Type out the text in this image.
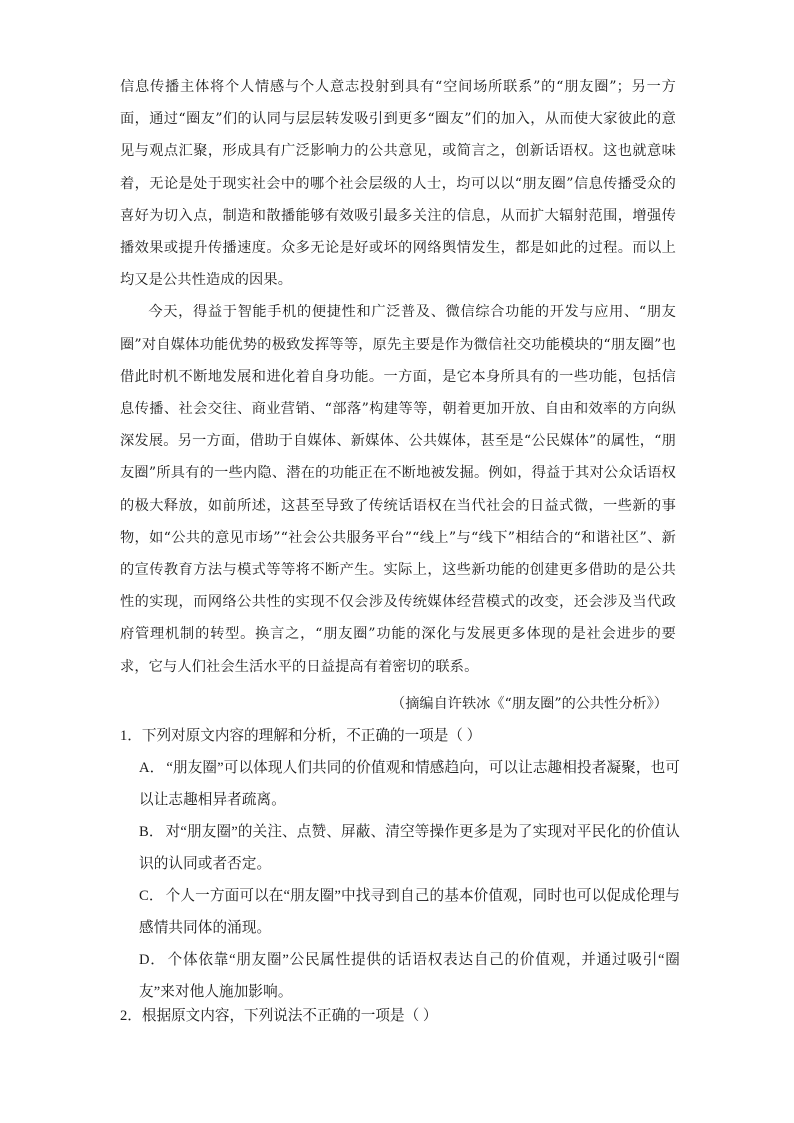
信息传播主体将个人情感与个人意志投射到具有“空间场所联系”的“朋友圈”；另一方面，通过“圈友”们的认同与层层转发吸引到更多“圈友”们的加入，从而使大家彼此的意见与观点汇聚，形成具有广泛影响力的公共意见，或简言之，创新话语权。这也就意味着，无论是处于现实社会中的哪个社会层级的人士，均可以以“朋友圈”信息传播受众的喜好为切入点，制造和散播能够有效吸引最多关注的信息，从而扩大辐射范围，增强传播效果或提升传播速度。众多无论是好或坏的网络舆情发生，都是如此的过程。而以上均又是公共性造成的因果。

今天，得益于智能手机的便捷性和广泛普及、微信综合功能的开发与应用、“朋友圈”对自媒体功能优势的极致发挥等等，原先主要是作为微信社交功能模块的“朋友圈”也借此时机不断地发展和进化着自身功能。一方面，是它本身所具有的一些功能，包括信息传播、社会交往、商业营销、“部落”构建等等，朝着更加开放、自由和效率的方向纵深发展。另一方面，借助于自媒体、新媒体、公共媒体，甚至是“公民媒体”的属性，“朋友圈”所具有的一些内隐、潜在的功能正在不断地被发掘。例如，得益于其对公众话语权的极大释放，如前所述，这甚至导致了传统话语权在当代社会的日益式微，一些新的事物，如“公共的意见市场”“社会公共服务平台”“线上”与“线下”相结合的“和谐社区”、新的宣传教育方法与模式等等将不断产生。实际上，这些新功能的创建更多借助的是公共性的实现，而网络公共性的实现不仅会涉及传统媒体经营模式的改变，还会涉及当代政府管理机制的转型。换言之，“朋友圈”功能的深化与发展更多体现的是社会进步的要求，它与人们社会生活水平的日益提高有着密切的联系。

（摘编自许轶冰《“朋友圈”的公共性分析》）

1．下列对原文内容的理解和分析，不正确的一项是（ ）

A． “朋友圈”可以体现人们共同的价值观和情感趋向，可以让志趣相投者凝聚，也可以让志趣相异者疏离。
B． 对“朋友圈”的关注、点赞、屏蔽、清空等操作更多是为了实现对平民化的价值认识的认同或者否定。
C． 个人一方面可以在“朋友圈”中找寻到自己的基本价值观，同时也可以促成伦理与感情共同体的涌现。
D． 个体依靠“朋友圈”公民属性提供的话语权表达自己的价值观，并通过吸引“圈友”来对他人施加影响。

2．根据原文内容，下列说法不正确的一项是（ ）
